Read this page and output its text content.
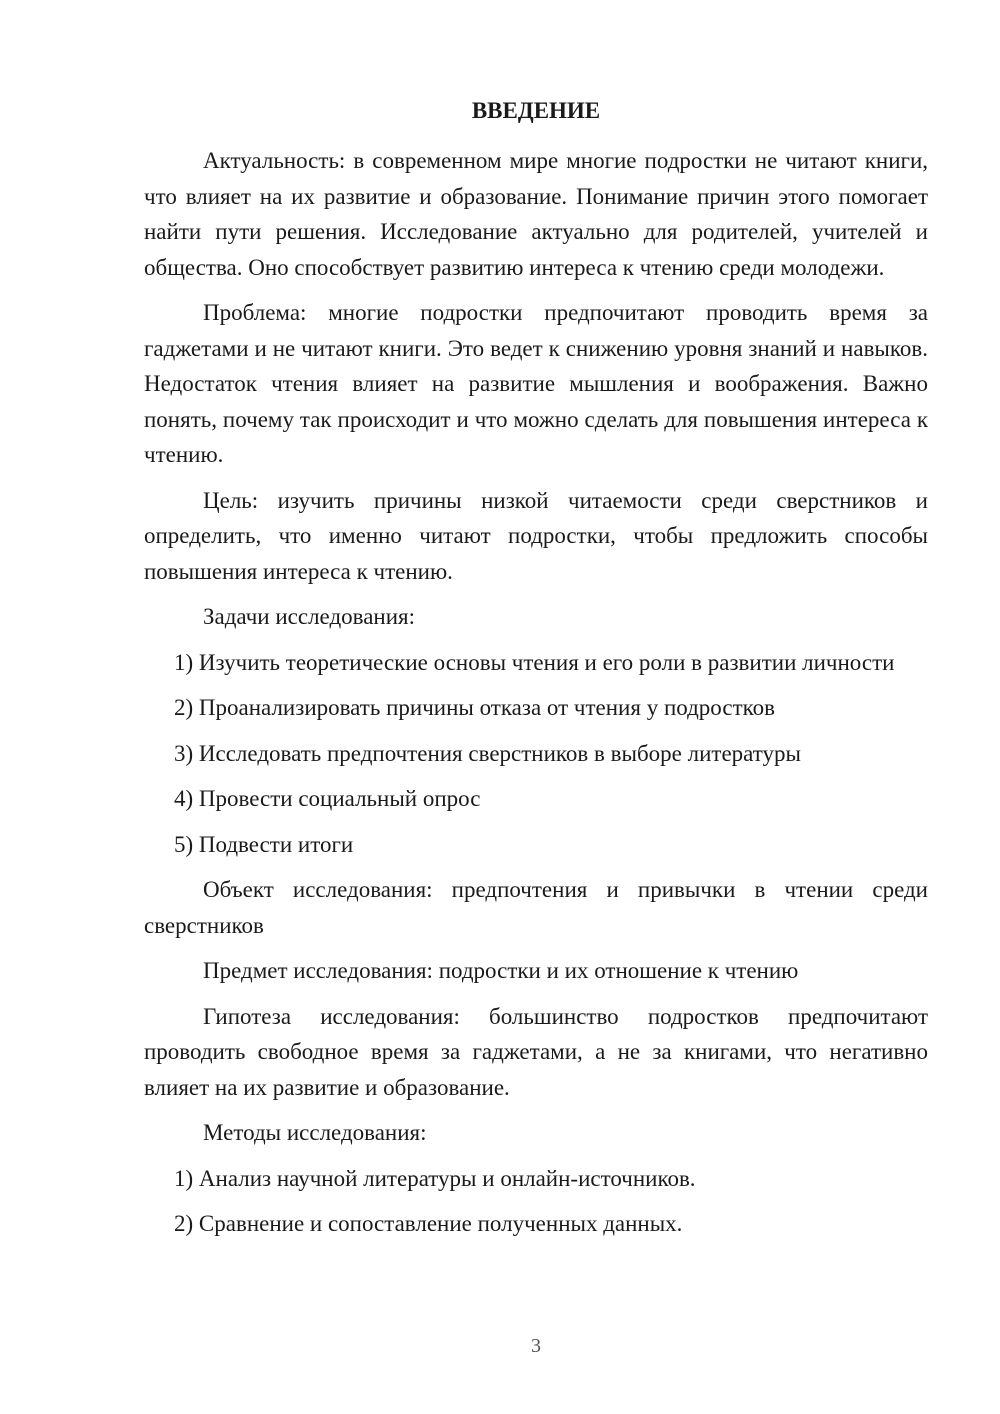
ВВЕДЕНИЕ

Актуальность: в современном мире многие подростки не читают книги, что влияет на их развитие и образование. Понимание причин этого помогает найти пути решения. Исследование актуально для родителей, учителей и общества. Оно способствует развитию интереса к чтению среди молодежи.

Проблема: многие подростки предпочитают проводить время за гаджетами и не читают книги. Это ведет к снижению уровня знаний и навыков. Недостаток чтения влияет на развитие мышления и воображения. Важно понять, почему так происходит и что можно сделать для повышения интереса к чтению.

Цель: изучить причины низкой читаемости среди сверстников и определить, что именно читают подростки, чтобы предложить способы повышения интереса к чтению.

Задачи исследования:

1) Изучить теоретические основы чтения и его роли в развитии личности

2) Проанализировать причины отказа от чтения у подростков

3) Исследовать предпочтения сверстников в выборе литературы

4) Провести социальный опрос

5) Подвести итоги

Объект исследования: предпочтения и привычки в чтении среди сверстников

Предмет исследования: подростки и их отношение к чтению

Гипотеза исследования: большинство подростков предпочитают проводить свободное время за гаджетами, а не за книгами, что негативно влияет на их развитие и образование.

Методы исследования:

1) Анализ научной литературы и онлайн-источников.

2) Сравнение и сопоставление полученных данных.

3
